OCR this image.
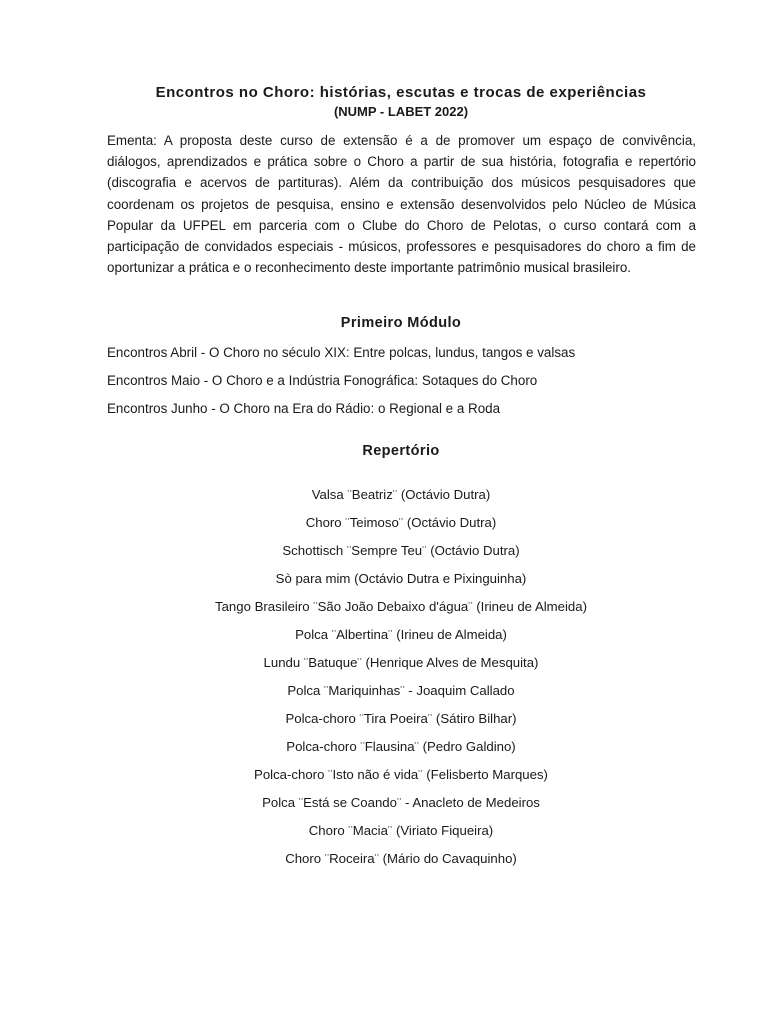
Encontros no Choro: histórias, escutas e trocas de experiências
(NUMP - LABET 2022)

Ementa: A proposta deste curso de extensão é a de promover um espaço de convivência, diálogos, aprendizados e prática sobre o Choro a partir de sua história, fotografia e repertório (discografia e acervos de partituras). Além da contribuição dos músicos pesquisadores que coordenam os projetos de pesquisa, ensino e extensão desenvolvidos pelo Núcleo de Música Popular da UFPEL em parceria com o Clube do Choro de Pelotas, o curso contará com a participação de convidados especiais - músicos, professores e pesquisadores do choro a fim de oportunizar a prática e o reconhecimento deste importante patrimônio musical brasileiro.

Primeiro Módulo
Encontros Abril - O Choro no século XIX: Entre polcas, lundus, tangos e valsas
Encontros Maio - O Choro e a Indústria Fonográfica: Sotaques do Choro
Encontros Junho - O Choro na Era do Rádio: o Regional e a Roda
Repertório
Valsa ¨Beatriz¨ (Octávio Dutra)
Choro ¨Teimoso¨ (Octávio Dutra)
Schottisch ¨Sempre Teu¨ (Octávio Dutra)
Sò para mim (Octávio Dutra e Pixinguinha)
Tango Brasileiro ¨São João Debaixo d'água¨ (Irineu de Almeida)
Polca ¨Albertina¨ (Irineu de Almeida)
Lundu ¨Batuque¨ (Henrique Alves de Mesquita)
Polca ¨Mariquinhas¨ - Joaquim Callado
Polca-choro ¨Tira Poeira¨ (Sátiro Bilhar)
Polca-choro ¨Flausina¨ (Pedro Galdino)
Polca-choro ¨Isto não é vida¨ (Felisberto Marques)
Polca ¨Está se Coando¨ - Anacleto de Medeiros
Choro ¨Macia¨ (Viriato Fiqueira)
Choro ¨Roceira¨ (Mário do Cavaquinho)
